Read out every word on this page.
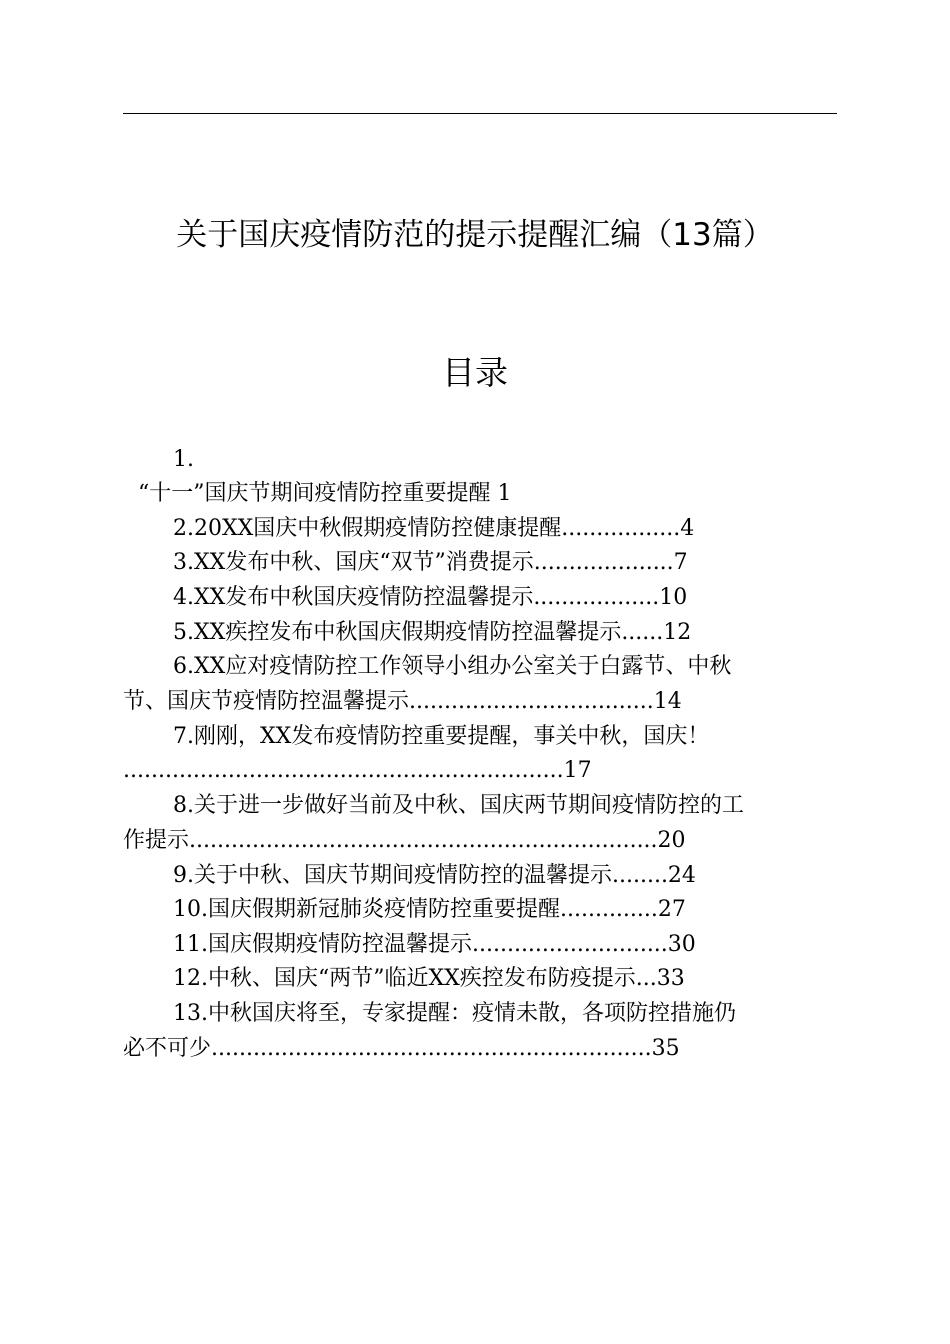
关于国庆疫情防范的提示提醒汇编（13篇）
目录
1.
“十一”国庆节期间疫情防控重要提醒 1
2.20XX国庆中秋假期疫情防控健康提醒.................4
3.XX发布中秋、国庆“双节”消费提示....................7
4.XX发布中秋国庆疫情防控温馨提示..................10
5.XX疾控发布中秋国庆假期疫情防控温馨提示......12
6.XX应对疫情防控工作领导小组办公室关于白露节、中秋
节、国庆节疫情防控温馨提示...................................14
7.刚刚，XX发布疫情防控重要提醒，事关中秋，国庆！
...............................................................17
8.关于进一步做好当前及中秋、国庆两节期间疫情防控的工
作提示...................................................................20
9.关于中秋、国庆节期间疫情防控的温馨提示........24
10.国庆假期新冠肺炎疫情防控重要提醒..............27
11.国庆假期疫情防控温馨提示............................30
12.中秋、国庆“两节”临近XX疾控发布防疫提示...33
13.中秋国庆将至，专家提醒：疫情未散，各项防控措施仍
必不可少...............................................................35
